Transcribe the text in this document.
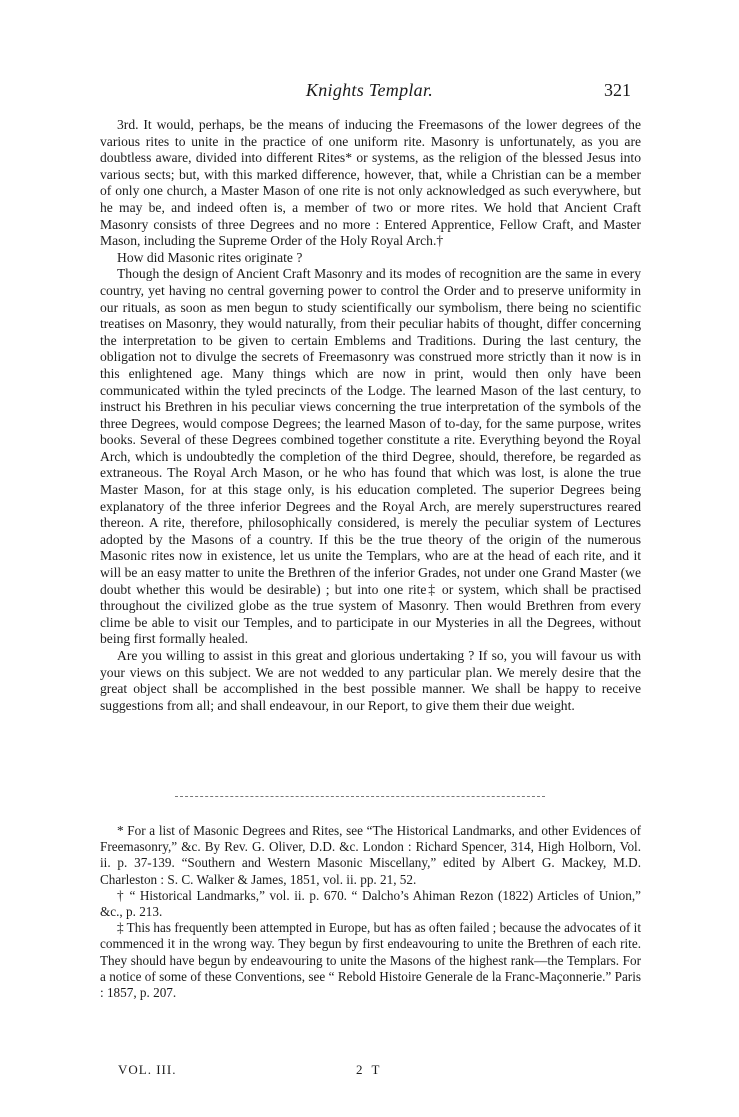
Knights Templar.	321
3rd. It would, perhaps, be the means of inducing the Freemasons of the lower degrees of the various rites to unite in the practice of one uniform rite. Masonry is unfortunately, as you are doubtless aware, divided into different Rites* or systems, as the religion of the blessed Jesus into various sects; but, with this marked difference, however, that, while a Christian can be a member of only one church, a Master Mason of one rite is not only acknowledged as such everywhere, but he may be, and indeed often is, a member of two or more rites. We hold that Ancient Craft Masonry consists of three Degrees and no more : Entered Apprentice, Fellow Craft, and Master Mason, including the Supreme Order of the Holy Royal Arch.†
How did Masonic rites originate ?
Though the design of Ancient Craft Masonry and its modes of recognition are the same in every country, yet having no central governing power to control the Order and to preserve uniformity in our rituals, as soon as men begun to study scientifically our symbolism, there being no scientific treatises on Masonry, they would naturally, from their peculiar habits of thought, differ concerning the interpretation to be given to certain Emblems and Traditions. During the last century, the obligation not to divulge the secrets of Freemasonry was construed more strictly than it now is in this enlightened age. Many things which are now in print, would then only have been communicated within the tyled precincts of the Lodge. The learned Mason of the last century, to instruct his Brethren in his peculiar views concerning the true interpretation of the symbols of the three Degrees, would compose Degrees; the learned Mason of to-day, for the same purpose, writes books. Several of these Degrees combined together constitute a rite. Everything beyond the Royal Arch, which is undoubtedly the completion of the third Degree, should, therefore, be regarded as extraneous. The Royal Arch Mason, or he who has found that which was lost, is alone the true Master Mason, for at this stage only, is his education completed. The superior Degrees being explanatory of the three inferior Degrees and the Royal Arch, are merely superstructures reared thereon. A rite, therefore, philosophically considered, is merely the peculiar system of Lectures adopted by the Masons of a country. If this be the true theory of the origin of the numerous Masonic rites now in existence, let us unite the Templars, who are at the head of each rite, and it will be an easy matter to unite the Brethren of the inferior Grades, not under one Grand Master (we doubt whether this would be desirable) ; but into one rite‡ or system, which shall be practised throughout the civilized globe as the true system of Masonry. Then would Brethren from every clime be able to visit our Temples, and to participate in our Mysteries in all the Degrees, without being first formally healed.
Are you willing to assist in this great and glorious undertaking ? If so, you will favour us with your views on this subject. We are not wedded to any particular plan. We merely desire that the great object shall be accomplished in the best possible manner. We shall be happy to receive suggestions from all; and shall endeavour, in our Report, to give them their due weight.
* For a list of Masonic Degrees and Rites, see “The Historical Landmarks, and other Evidences of Freemasonry,” &c. By Rev. G. Oliver, D.D. &c. London : Richard Spencer, 314, High Holborn, Vol. ii. p. 37-139. “Southern and Western Masonic Miscellany,” edited by Albert G. Mackey, M.D. Charleston : S. C. Walker & James, 1851, vol. ii. pp. 21, 52.
† “ Historical Landmarks,” vol. ii. p. 670. “ Dalcho’s Ahiman Rezon (1822) Articles of Union,” &c., p. 213.
‡ This has frequently been attempted in Europe, but has as often failed ; because the advocates of it commenced it in the wrong way. They begun by first endeavouring to unite the Brethren of each rite. They should have begun by endeavouring to unite the Masons of the highest rank—the Templars. For a notice of some of these Conventions, see “ Rebold Histoire Generale de la Franc-Maçonnerie.” Paris : 1857, p. 207.
VOL. III.	2 T
